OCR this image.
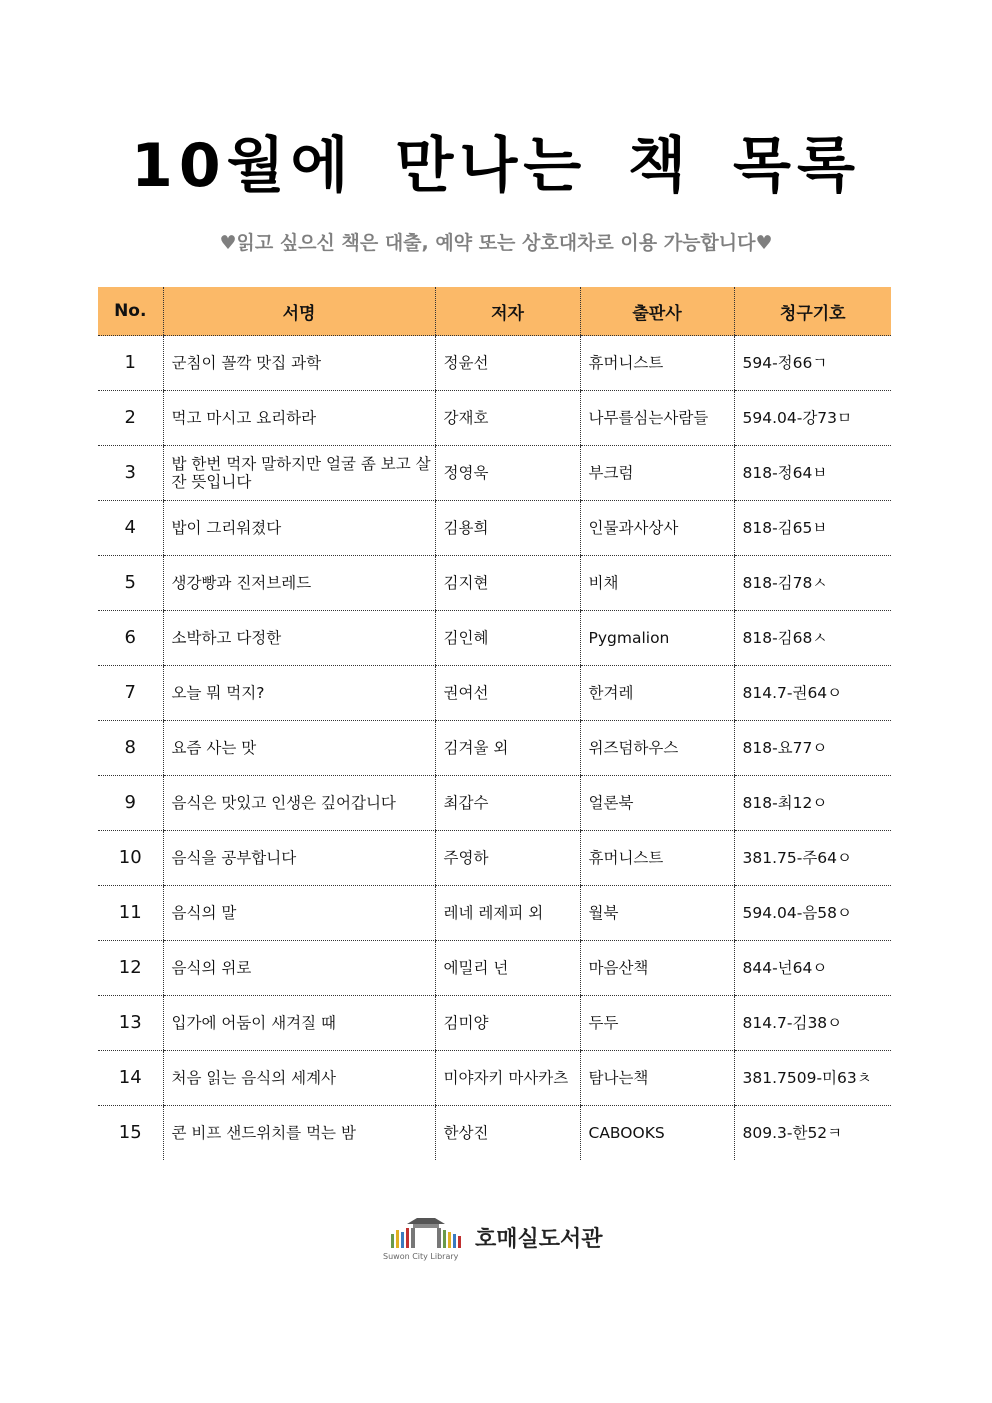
10월에 만나는 책 목록
♥읽고 싶으신 책은 대출, 예약 또는 상호대차로 이용 가능합니다♥
No.	서명	저자	출판사	청구기호
1	군침이 꼴깍 맛집 과학	정윤선	휴머니스트	594-정66ㄱ
2	먹고 마시고 요리하라	강재호	나무를심는사람들	594.04-강73ㅁ
3	밥 한번 먹자 말하지만 얼굴 좀 보고 살잔 뜻입니다	정영욱	부크럼	818-정64ㅂ
4	밥이 그리워졌다	김용희	인물과사상사	818-김65ㅂ
5	생강빵과 진저브레드	김지현	비채	818-김78ㅅ
6	소박하고 다정한	김인혜	Pygmalion	818-김68ㅅ
7	오늘 뭐 먹지?	권여선	한겨레	814.7-권64ㅇ
8	요즘 사는 맛	김겨울 외	위즈덤하우스	818-요77ㅇ
9	음식은 맛있고 인생은 깊어갑니다	최갑수	얼론북	818-최12ㅇ
10	음식을 공부합니다	주영하	휴머니스트	381.75-주64ㅇ
11	음식의 말	레네 레제피 외	월북	594.04-음58ㅇ
12	음식의 위로	에밀리 넌	마음산책	844-넌64ㅇ
13	입가에 어둠이 새겨질 때	김미양	두두	814.7-김38ㅇ
14	처음 읽는 음식의 세계사	미야자키 마사카츠	탐나는책	381.7509-미63ㅊ
15	콘 비프 샌드위치를 먹는 밤	한상진	CABOOKS	809.3-한52ㅋ
Suwon City Library
호매실도서관
